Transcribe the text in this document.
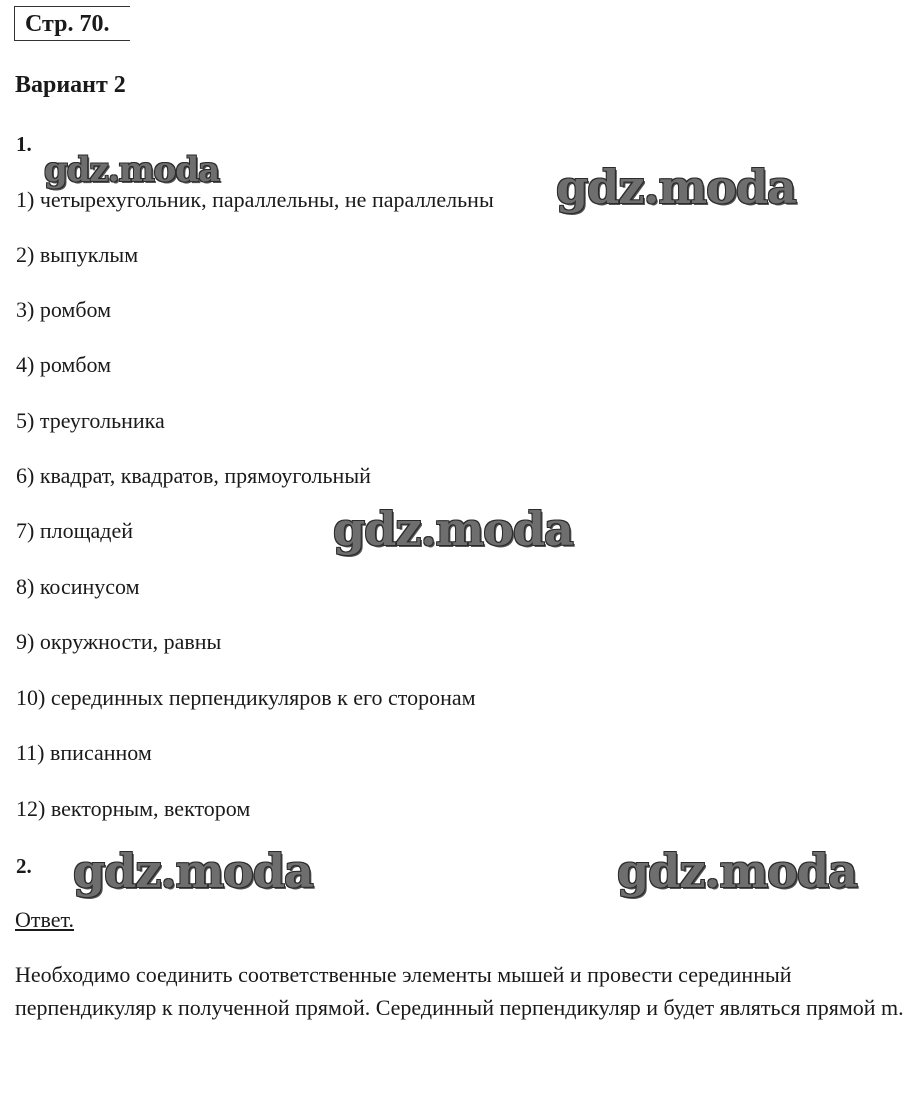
Стр. 70.
Вариант 2
1.
1) четырехугольник, параллельны, не параллельны
2) выпуклым
3) ромбом
4) ромбом
5) треугольника
6) квадрат, квадратов, прямоугольный
7) площадей
8) косинусом
9) окружности, равны
10) серединных перпендикуляров к его сторонам
11) вписанном
12) векторным, вектором
2.
Ответ.
Необходимо соединить соответственные элементы мышей и провести серединный перпендикуляр к полученной прямой. Серединный перпендикуляр и будет являться прямой m.
gdz.moda	gdz.moda
gdz.moda
gdz.moda	gdz.moda
